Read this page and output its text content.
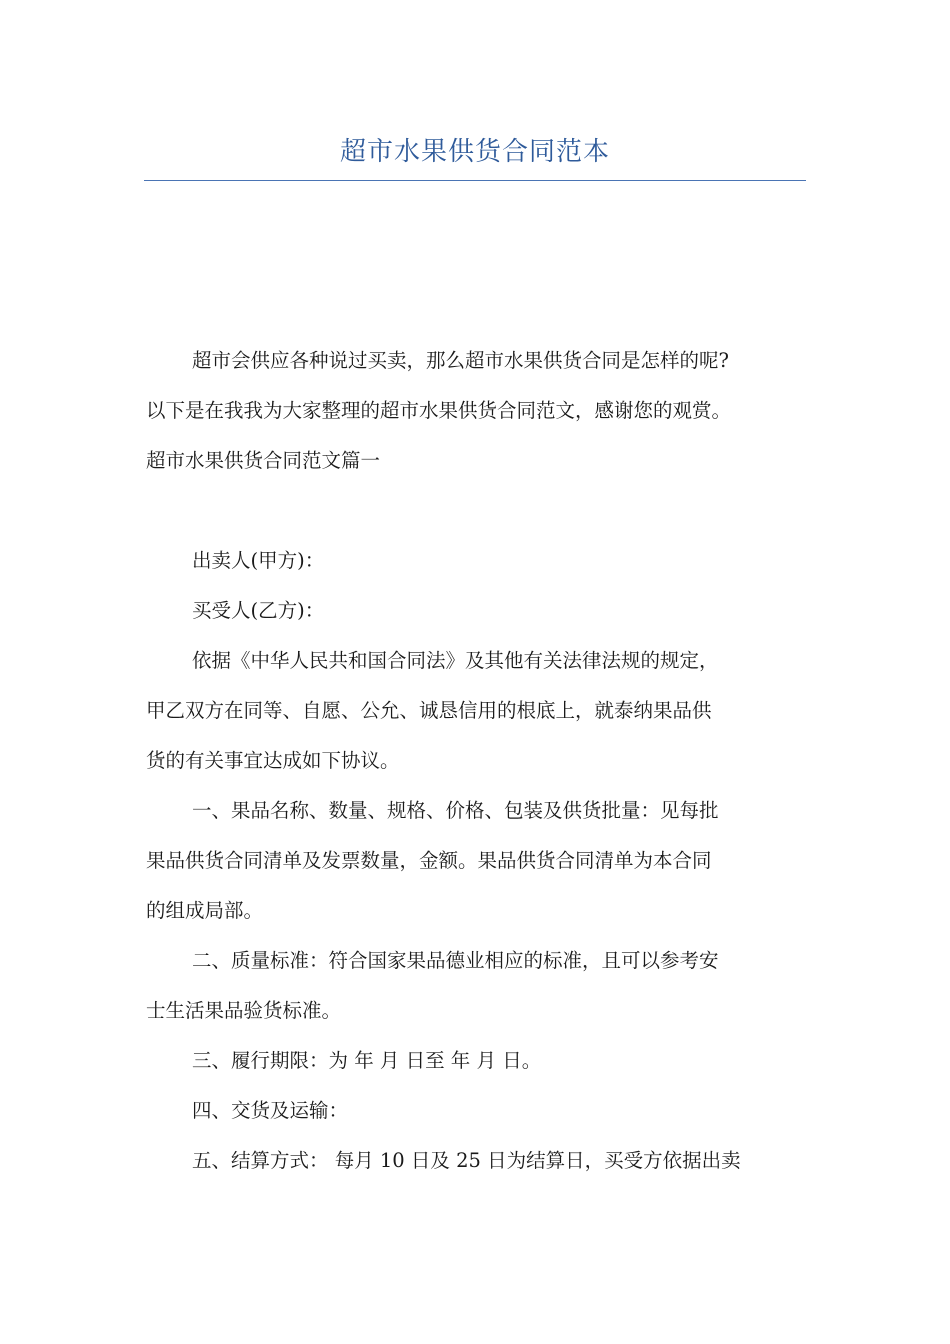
超市水果供货合同范本

超市会供应各种说过买卖，那么超市水果供货合同是怎样的呢?

以下是在我我为大家整理的超市水果供货合同范文，感谢您的观赏。

超市水果供货合同范文篇一

出卖人(甲方)：

买受人(乙方)：

依据《中华人民共和国合同法》及其他有关法律法规的规定，

甲乙双方在同等、自愿、公允、诚恳信用的根底上，就泰纳果品供

货的有关事宜达成如下协议。

一、果品名称、数量、规格、价格、包装及供货批量：见每批

果品供货合同清单及发票数量，金额。果品供货合同清单为本合同

的组成局部。

二、质量标准：符合国家果品德业相应的标准，且可以参考安

士生活果品验货标准。

三、履行期限：为 年 月 日至 年 月 日。

四、交货及运输：

五、结算方式： 每月 10 日及 25 日为结算日，买受方依据出卖
